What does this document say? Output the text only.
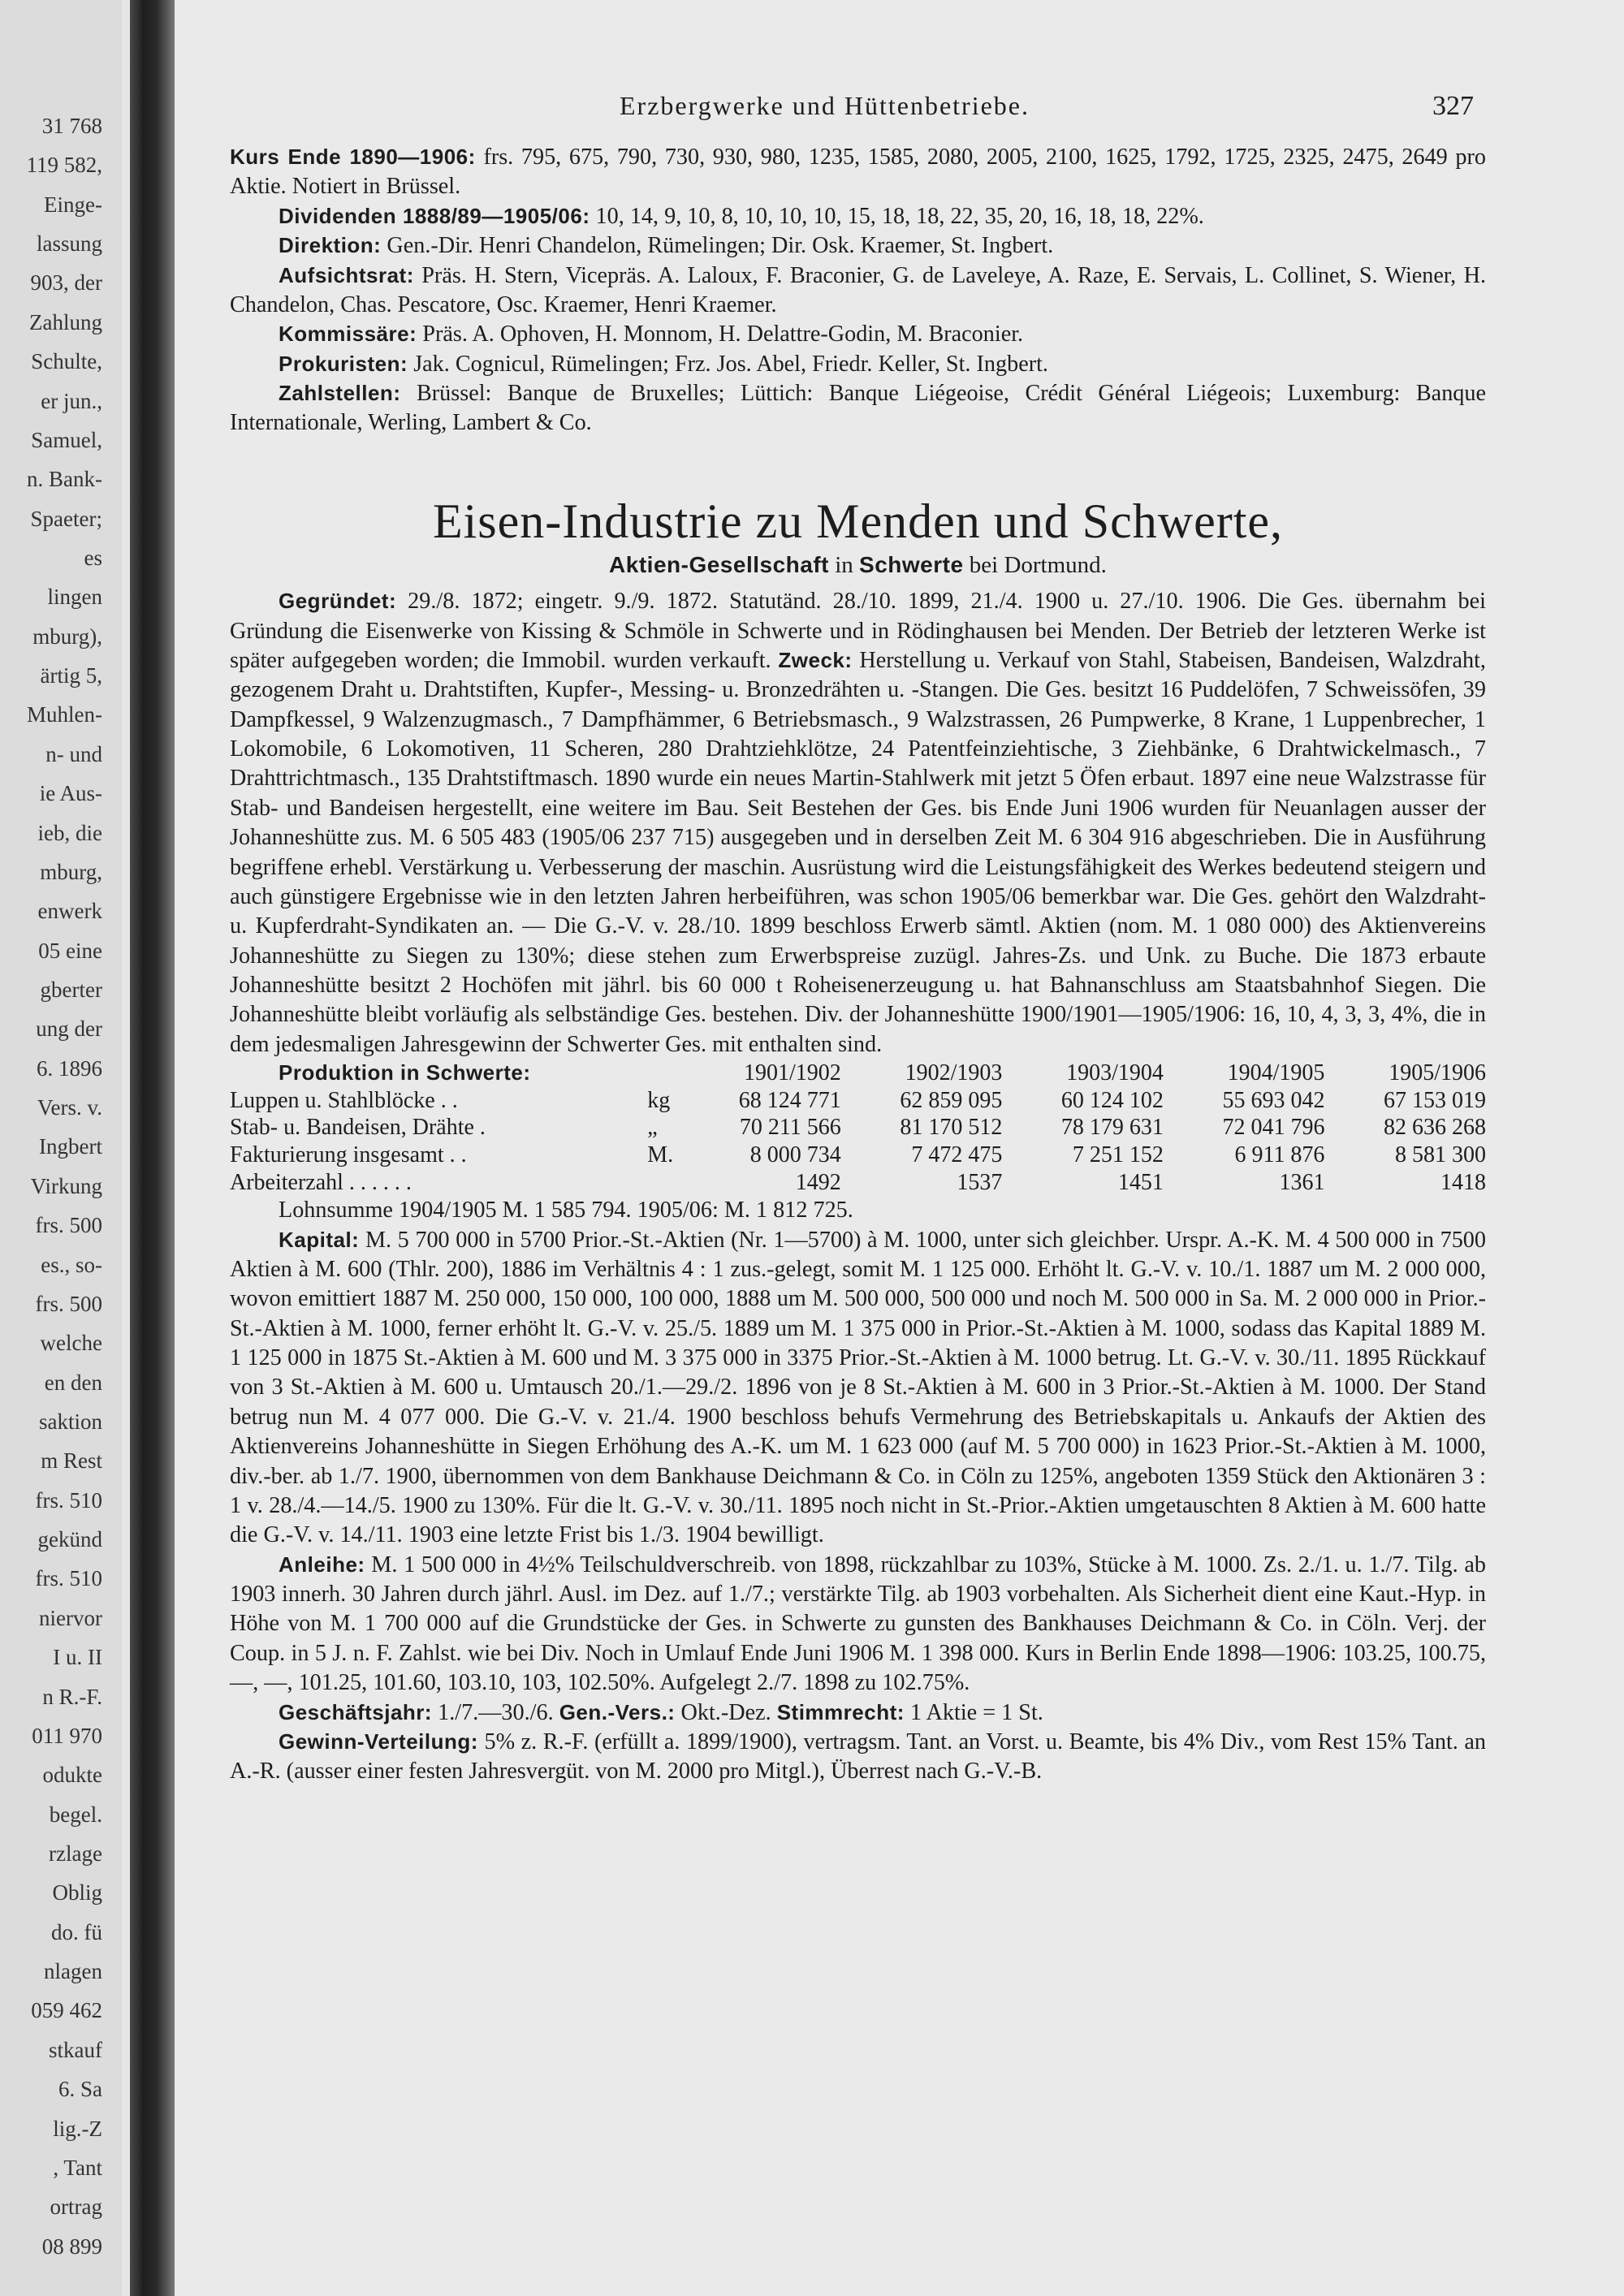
31 768
119 582,
Einge-
lassung
903, der
Zahlung
Schulte,
er jun.,
Samuel,
n. Bank-
Spaeter;
es
lingen
mburg),
ärtig 5,
Muhlen-
n- und
ie Aus-
ieb, die
mburg,
enwerk
05 eine
gberter
ung der
6. 1896
Vers. v.
Ingbert
Virkung
frs. 500
es., so-
frs. 500
welche
en den
saktion
m Rest
frs. 510
gekünd
frs. 510
niervor
I u. II
n R.-F.
011 970
odukte
begel.
rzlage
Oblig
do. fü
nlagen
059 462
stkauf
6. Sa
lig.-Z
, Tant
ortrag
08 899
Erzbergwerke und Hüttenbetriebe.	327

Kurs Ende 1890—1906: frs. 795, 675, 790, 730, 930, 980, 1235, 1585, 2080, 2005, 2100, 1625, 1792, 1725, 2325, 2475, 2649 pro Aktie. Notiert in Brüssel.

Dividenden 1888/89—1905/06: 10, 14, 9, 10, 8, 10, 10, 10, 15, 18, 18, 22, 35, 20, 16, 18, 18, 22%.

Direktion: Gen.-Dir. Henri Chandelon, Rümelingen; Dir. Osk. Kraemer, St. Ingbert.

Aufsichtsrat: Präs. H. Stern, Vicepräs. A. Laloux, F. Braconier, G. de Laveleye, A. Raze, E. Servais, L. Collinet, S. Wiener, H. Chandelon, Chas. Pescatore, Osc. Kraemer, Henri Kraemer.

Kommissäre: Präs. A. Ophoven, H. Monnom, H. Delattre-Godin, M. Braconier.

Prokuristen: Jak. Cognicul, Rümelingen; Frz. Jos. Abel, Friedr. Keller, St. Ingbert.

Zahlstellen: Brüssel: Banque de Bruxelles; Lüttich: Banque Liégeoise, Crédit Général Liégeois; Luxemburg: Banque Internationale, Werling, Lambert & Co.

Eisen-Industrie zu Menden und Schwerte,
Aktien-Gesellschaft in Schwerte bei Dortmund.

Gegründet: 29./8. 1872; eingetr. 9./9. 1872. Statutänd. 28./10. 1899, 21./4. 1900 u. 27./10. 1906. Die Ges. übernahm bei Gründung die Eisenwerke von Kissing & Schmöle in Schwerte und in Rödinghausen bei Menden. Der Betrieb der letzteren Werke ist später aufgegeben worden; die Immobil. wurden verkauft. Zweck: Herstellung u. Verkauf von Stahl, Stabeisen, Bandeisen, Walzdraht, gezogenem Draht u. Drahtstiften, Kupfer-, Messing- u. Bronzedrähten u. -Stangen. Die Ges. besitzt 16 Puddelöfen, 7 Schweissöfen, 39 Dampfkessel, 9 Walzenzugmasch., 7 Dampfhämmer, 6 Betriebsmasch., 9 Walzstrassen, 26 Pumpwerke, 8 Krane, 1 Luppenbrecher, 1 Lokomobile, 6 Lokomotiven, 11 Scheren, 280 Drahtziehklötze, 24 Patentfeinziehtische, 3 Ziehbänke, 6 Drahtwickelmasch., 7 Drahttrichtmasch., 135 Drahtstiftmasch. 1890 wurde ein neues Martin-Stahlwerk mit jetzt 5 Öfen erbaut. 1897 eine neue Walzstrasse für Stab- und Bandeisen hergestellt, eine weitere im Bau. Seit Bestehen der Ges. bis Ende Juni 1906 wurden für Neuanlagen ausser der Johanneshütte zus. M. 6 505 483 (1905/06 237 715) ausgegeben und in derselben Zeit M. 6 304 916 abgeschrieben. Die in Ausführung begriffene erhebl. Verstärkung u. Verbesserung der maschin. Ausrüstung wird die Leistungsfähigkeit des Werkes bedeutend steigern und auch günstigere Ergebnisse wie in den letzten Jahren herbeiführen, was schon 1905/06 bemerkbar war. Die Ges. gehört den Walzdraht- u. Kupferdraht-Syndikaten an. — Die G.-V. v. 28./10. 1899 beschloss Erwerb sämtl. Aktien (nom. M. 1 080 000) des Aktienvereins Johanneshütte zu Siegen zu 130%; diese stehen zum Erwerbspreise zuzügl. Jahres-Zs. und Unk. zu Buche. Die 1873 erbaute Johanneshütte besitzt 2 Hochöfen mit jährl. bis 60 000 t Roheisenerzeugung u. hat Bahnanschluss am Staatsbahnhof Siegen. Die Johanneshütte bleibt vorläufig als selbständige Ges. bestehen. Div. der Johanneshütte 1900/1901—1905/1906: 16, 10, 4, 3, 3, 4%, die in dem jedesmaligen Jahresgewinn der Schwerter Ges. mit enthalten sind.

Produktion in Schwerte:		1901/1902	1902/1903	1903/1904	1904/1905	1905/1906
Luppen u. Stahlblöcke . .	kg	68 124 771	62 859 095	60 124 102	55 693 042	67 153 019
Stab- u. Bandeisen, Drähte .	„	70 211 566	81 170 512	78 179 631	72 041 796	82 636 268
Fakturierung insgesamt . .	M.	8 000 734	7 472 475	7 251 152	6 911 876	8 581 300
Arbeiterzahl . . . . . .		1492	1537	1451	1361	1418

Lohnsumme 1904/1905 M. 1 585 794. 1905/06: M. 1 812 725.

Kapital: M. 5 700 000 in 5700 Prior.-St.-Aktien (Nr. 1—5700) à M. 1000, unter sich gleichber. Urspr. A.-K. M. 4 500 000 in 7500 Aktien à M. 600 (Thlr. 200), 1886 im Verhältnis 4 : 1 zus.-gelegt, somit M. 1 125 000. Erhöht lt. G.-V. v. 10./1. 1887 um M. 2 000 000, wovon emittiert 1887 M. 250 000, 150 000, 100 000, 1888 um M. 500 000, 500 000 und noch M. 500 000 in Sa. M. 2 000 000 in Prior.-St.-Aktien à M. 1000, ferner erhöht lt. G.-V. v. 25./5. 1889 um M. 1 375 000 in Prior.-St.-Aktien à M. 1000, sodass das Kapital 1889 M. 1 125 000 in 1875 St.-Aktien à M. 600 und M. 3 375 000 in 3375 Prior.-St.-Aktien à M. 1000 betrug. Lt. G.-V. v. 30./11. 1895 Rückkauf von 3 St.-Aktien à M. 600 u. Umtausch 20./1.—29./2. 1896 von je 8 St.-Aktien à M. 600 in 3 Prior.-St.-Aktien à M. 1000. Der Stand betrug nun M. 4 077 000. Die G.-V. v. 21./4. 1900 beschloss behufs Vermehrung des Betriebskapitals u. Ankaufs der Aktien des Aktienvereins Johanneshütte in Siegen Erhöhung des A.-K. um M. 1 623 000 (auf M. 5 700 000) in 1623 Prior.-St.-Aktien à M. 1000, div.-ber. ab 1./7. 1900, übernommen von dem Bankhause Deichmann & Co. in Cöln zu 125%, angeboten 1359 Stück den Aktionären 3 : 1 v. 28./4.—14./5. 1900 zu 130%. Für die lt. G.-V. v. 30./11. 1895 noch nicht in St.-Prior.-Aktien umgetauschten 8 Aktien à M. 600 hatte die G.-V. v. 14./11. 1903 eine letzte Frist bis 1./3. 1904 bewilligt.

Anleihe: M. 1 500 000 in 4½% Teilschuldverschreib. von 1898, rückzahlbar zu 103%, Stücke à M. 1000. Zs. 2./1. u. 1./7. Tilg. ab 1903 innerh. 30 Jahren durch jährl. Ausl. im Dez. auf 1./7.; verstärkte Tilg. ab 1903 vorbehalten. Als Sicherheit dient eine Kaut.-Hyp. in Höhe von M. 1 700 000 auf die Grundstücke der Ges. in Schwerte zu gunsten des Bankhauses Deichmann & Co. in Cöln. Verj. der Coup. in 5 J. n. F. Zahlst. wie bei Div. Noch in Umlauf Ende Juni 1906 M. 1 398 000. Kurs in Berlin Ende 1898—1906: 103.25, 100.75, —, —, 101.25, 101.60, 103.10, 103, 102.50%. Aufgelegt 2./7. 1898 zu 102.75%.

Geschäftsjahr: 1./7.—30./6. Gen.-Vers.: Okt.-Dez. Stimmrecht: 1 Aktie = 1 St.

Gewinn-Verteilung: 5% z. R.-F. (erfüllt a. 1899/1900), vertragsm. Tant. an Vorst. u. Beamte, bis 4% Div., vom Rest 15% Tant. an A.-R. (ausser einer festen Jahresvergüt. von M. 2000 pro Mitgl.), Überrest nach G.-V.-B.
